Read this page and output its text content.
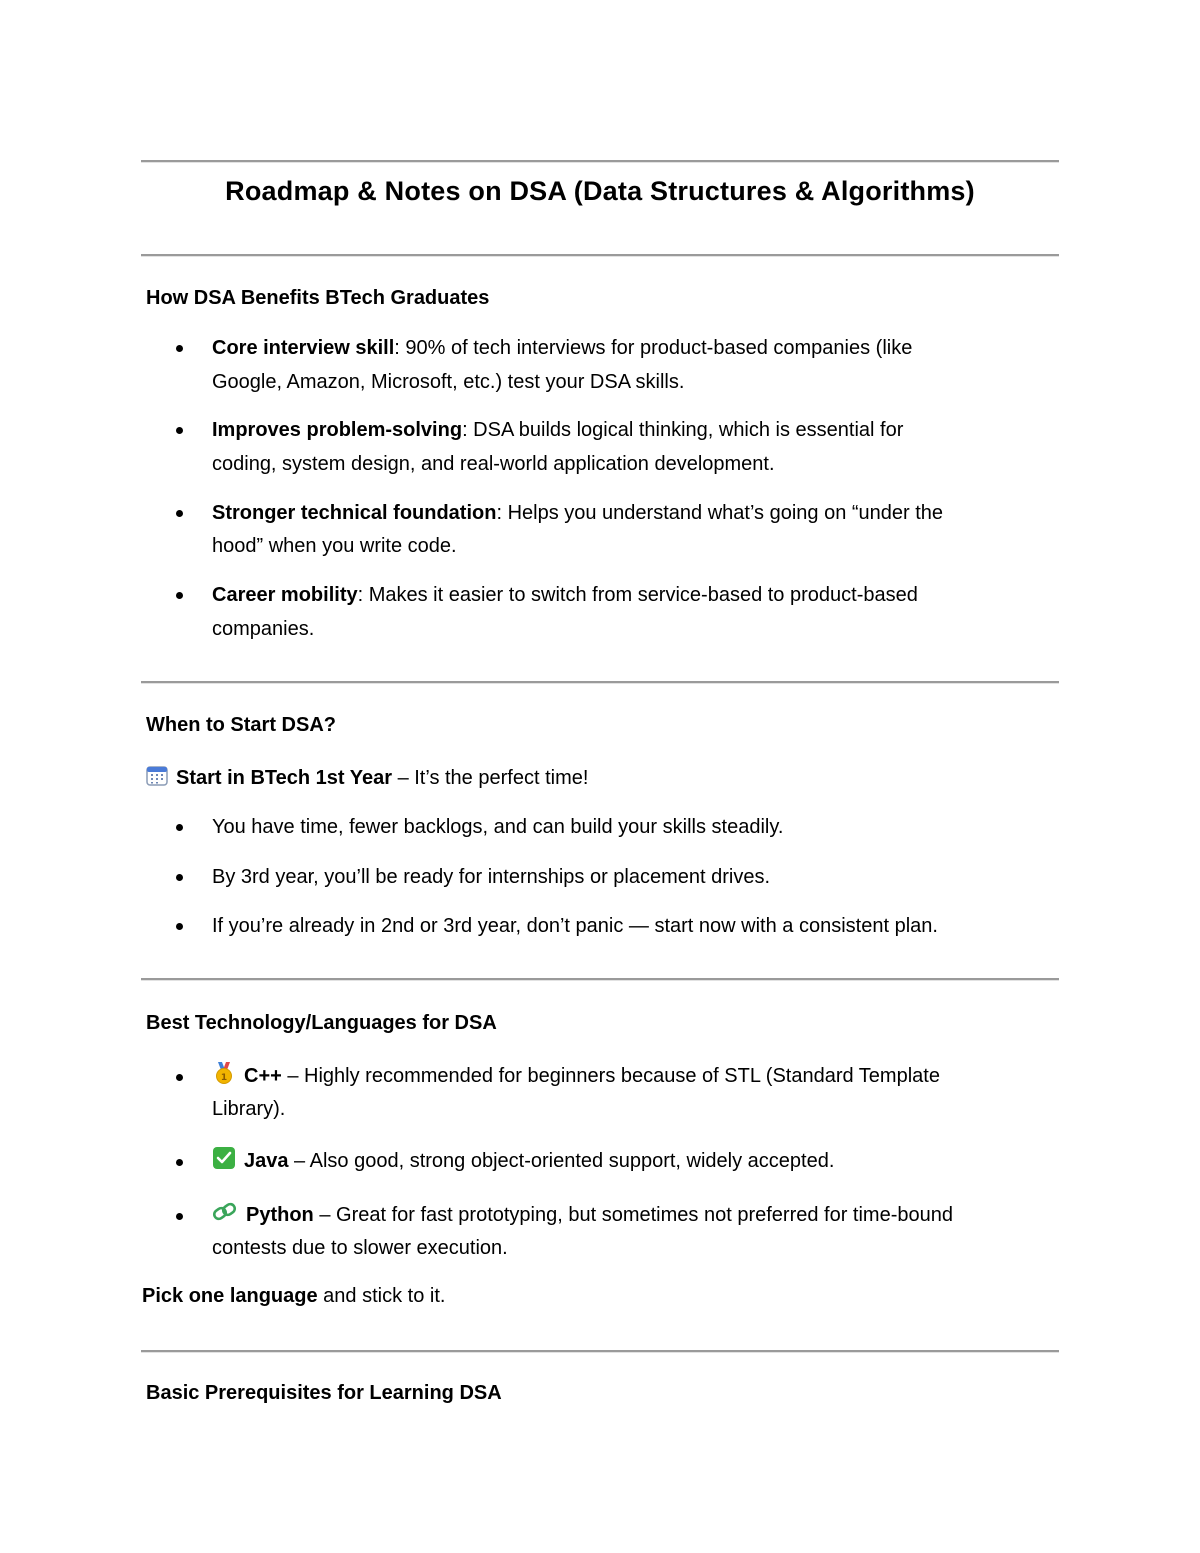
Roadmap & Notes on DSA (Data Structures & Algorithms)
How DSA Benefits BTech Graduates
Core interview skill: 90% of tech interviews for product-based companies (like
Google, Amazon, Microsoft, etc.) test your DSA skills.
Improves problem-solving: DSA builds logical thinking, which is essential for
coding, system design, and real-world application development.
Stronger technical foundation: Helps you understand what’s going on “under the
hood” when you write code.
Career mobility: Makes it easier to switch from service-based to product-based
companies.
When to Start DSA?
Start in BTech 1st Year – It’s the perfect time!
You have time, fewer backlogs, and can build your skills steadily.
By 3rd year, you’ll be ready for internships or placement drives.
If you’re already in 2nd or 3rd year, don’t panic — start now with a consistent plan.
Best Technology/Languages for DSA
1 C++ – Highly recommended for beginners because of STL (Standard Template
Library).
Java – Also good, strong object-oriented support, widely accepted.
Python – Great for fast prototyping, but sometimes not preferred for time-bound
contests due to slower execution.
Pick one language and stick to it.
Basic Prerequisites for Learning DSA
